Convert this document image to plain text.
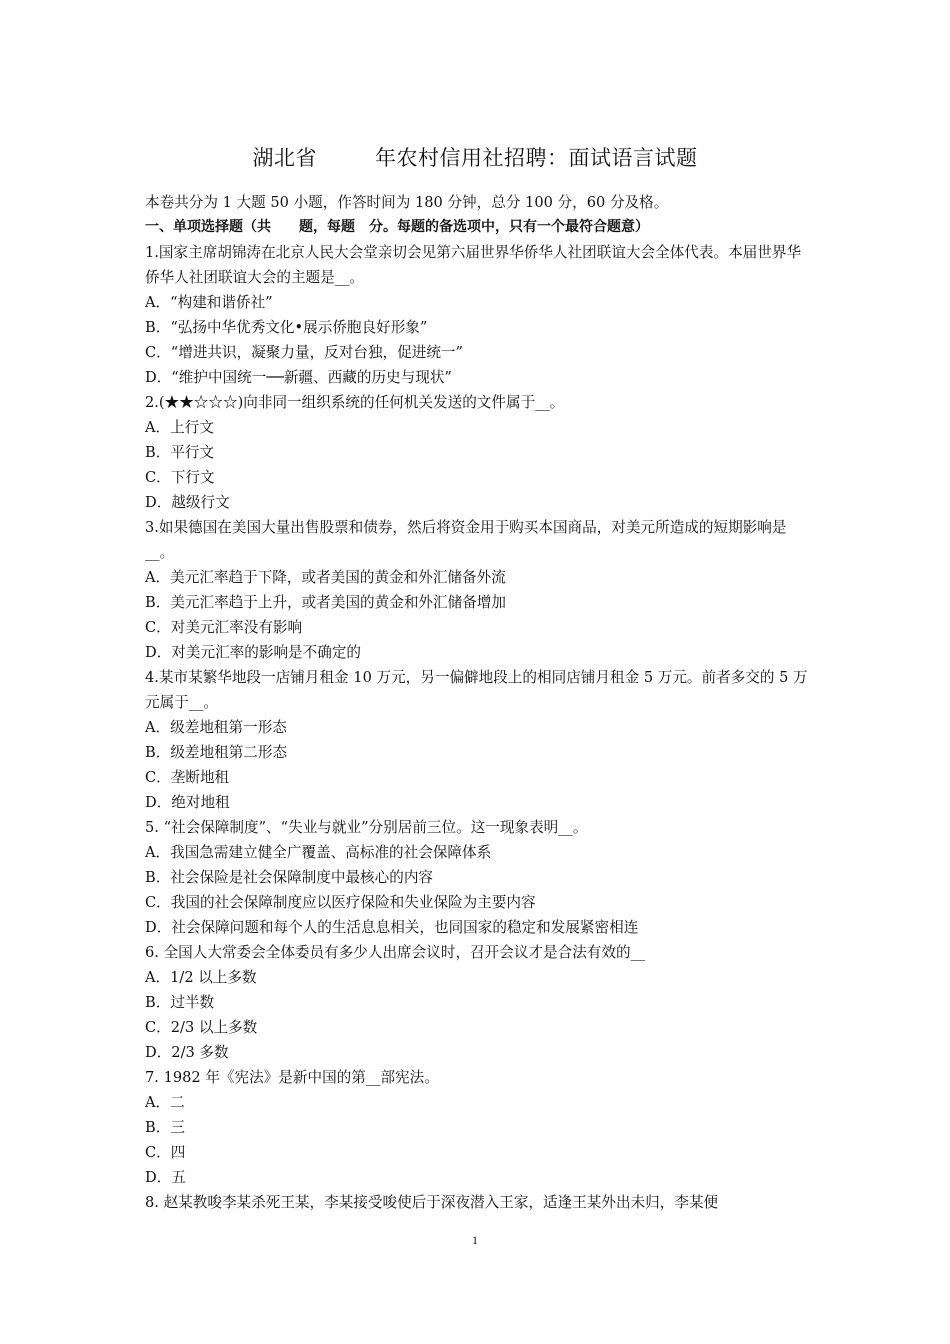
湖北省	年农村信用社招聘：面试语言试题
本卷共分为 1 大题 50 小题，作答时间为 180 分钟，总分 100 分，60 分及格。
一、单项选择题（共　　题，每题　分。每题的备选项中，只有一个最符合题意）
1.国家主席胡锦涛在北京人民大会堂亲切会见第六届世界华侨华人社团联谊大会全体代表。本届世界华侨华人社团联谊大会的主题是__。
A．“构建和谐侨社”
B．“弘扬中华优秀文化•展示侨胞良好形象”
C．“增进共识，凝聚力量，反对台独，促进统一”
D．“维护中国统一──新疆、西藏的历史与现状”
2.(★★☆☆☆)向非同一组织系统的任何机关发送的文件属于__。
A．上行文
B．平行文
C．下行文
D．越级行文
3.如果德国在美国大量出售股票和债券，然后将资金用于购买本国商品，对美元所造成的短期影响是__。
A．美元汇率趋于下降，或者美国的黄金和外汇储备外流
B．美元汇率趋于上升，或者美国的黄金和外汇储备增加
C．对美元汇率没有影响
D．对美元汇率的影响是不确定的
4.某市某繁华地段一店铺月租金 10 万元，另一偏僻地段上的相同店铺月租金 5 万元。前者多交的 5 万元属于__。
A．级差地租第一形态
B．级差地租第二形态
C．垄断地租
D．绝对地租
5. “社会保障制度”、“失业与就业”分别居前三位。这一现象表明__。
A．我国急需建立健全广覆盖、高标准的社会保障体系
B．社会保险是社会保障制度中最核心的内容
C．我国的社会保障制度应以医疗保险和失业保险为主要内容
D．社会保障问题和每个人的生活息息相关，也同国家的稳定和发展紧密相连
6. 全国人大常委会全体委员有多少人出席会议时，召开会议才是合法有效的__
A．1/2 以上多数
B．过半数
C．2/3 以上多数
D．2/3 多数
7. 1982 年《宪法》是新中国的第__部宪法。
A．二
B．三
C．四
D．五
8. 赵某教唆李某杀死王某，李某接受唆使后于深夜潜入王家，适逢王某外出未归，李某便
1
